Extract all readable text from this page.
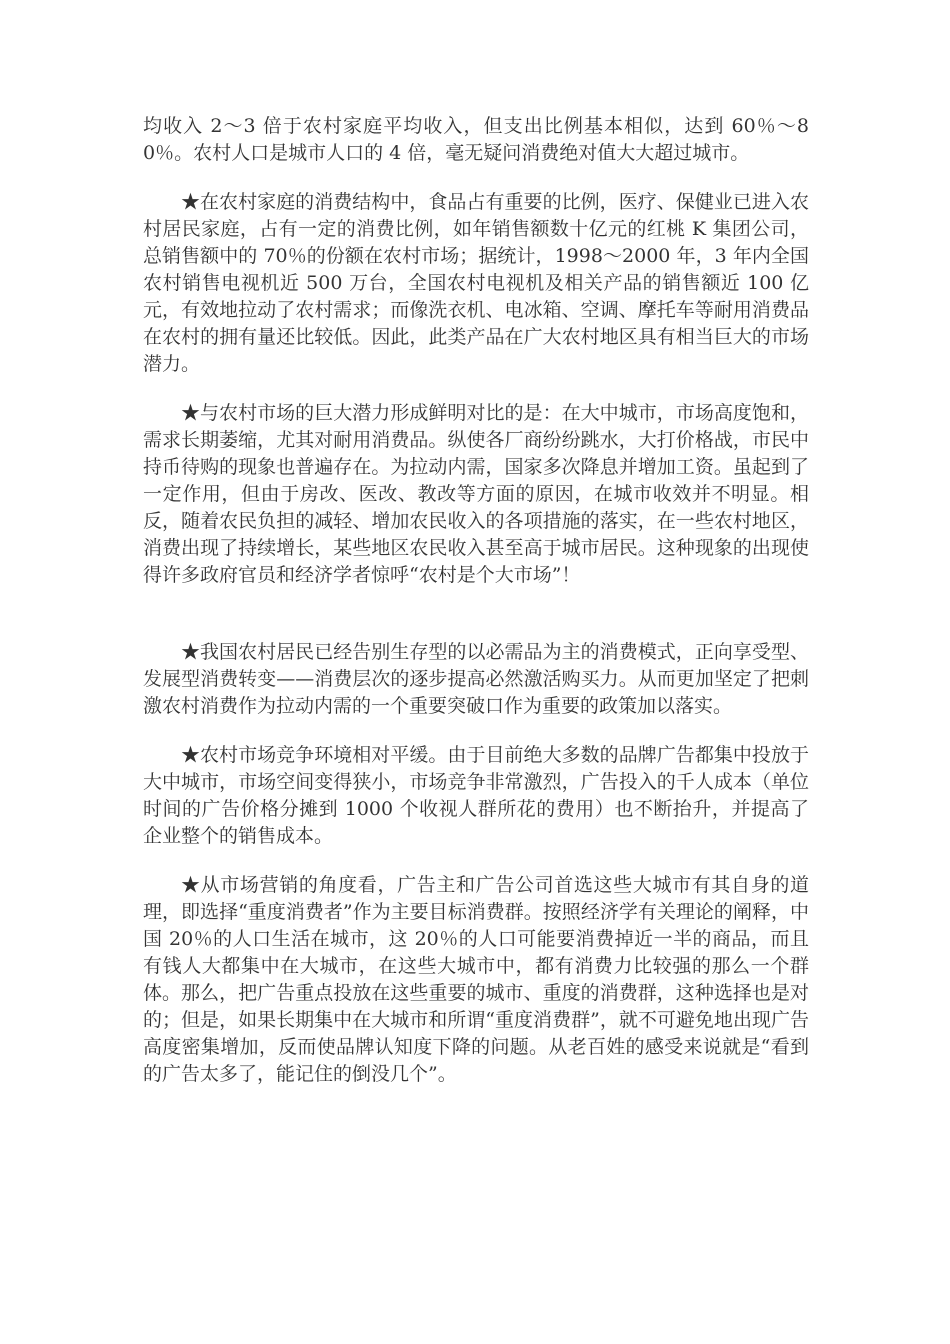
均收入 2～3 倍于农村家庭平均收入，但支出比例基本相似，达到 60％～80％。农村人口是城市人口的 4 倍，毫无疑问消费绝对值大大超过城市。

★在农村家庭的消费结构中，食品占有重要的比例，医疗、保健业已进入农村居民家庭，占有一定的消费比例，如年销售额数十亿元的红桃 K 集团公司，总销售额中的 70％的份额在农村市场；据统计，1998～2000 年，3 年内全国农村销售电视机近 500 万台，全国农村电视机及相关产品的销售额近 100 亿元，有效地拉动了农村需求；而像洗衣机、电冰箱、空调、摩托车等耐用消费品在农村的拥有量还比较低。因此，此类产品在广大农村地区具有相当巨大的市场潜力。

★与农村市场的巨大潜力形成鲜明对比的是：在大中城市，市场高度饱和，需求长期萎缩，尤其对耐用消费品。纵使各厂商纷纷跳水，大打价格战，市民中持币待购的现象也普遍存在。为拉动内需，国家多次降息并增加工资。虽起到了一定作用，但由于房改、医改、教改等方面的原因，在城市收效并不明显。相反，随着农民负担的减轻、增加农民收入的各项措施的落实，在一些农村地区，消费出现了持续增长，某些地区农民收入甚至高于城市居民。这种现象的出现使得许多政府官员和经济学者惊呼“农村是个大市场”！

★我国农村居民已经告别生存型的以必需品为主的消费模式，正向享受型、发展型消费转变——消费层次的逐步提高必然激活购买力。从而更加坚定了把刺激农村消费作为拉动内需的一个重要突破口作为重要的政策加以落实。

★农村市场竞争环境相对平缓。由于目前绝大多数的品牌广告都集中投放于大中城市，市场空间变得狭小，市场竞争非常激烈，广告投入的千人成本（单位时间的广告价格分摊到 1000 个收视人群所花的费用）也不断抬升，并提高了企业整个的销售成本。

★从市场营销的角度看，广告主和广告公司首选这些大城市有其自身的道理，即选择“重度消费者”作为主要目标消费群。按照经济学有关理论的阐释，中国 20％的人口生活在城市，这 20％的人口可能要消费掉近一半的商品，而且有钱人大都集中在大城市，在这些大城市中，都有消费力比较强的那么一个群体。那么，把广告重点投放在这些重要的城市、重度的消费群，这种选择也是对的；但是，如果长期集中在大城市和所谓“重度消费群”，就不可避免地出现广告高度密集增加，反而使品牌认知度下降的问题。从老百姓的感受来说就是“看到的广告太多了，能记住的倒没几个”。
